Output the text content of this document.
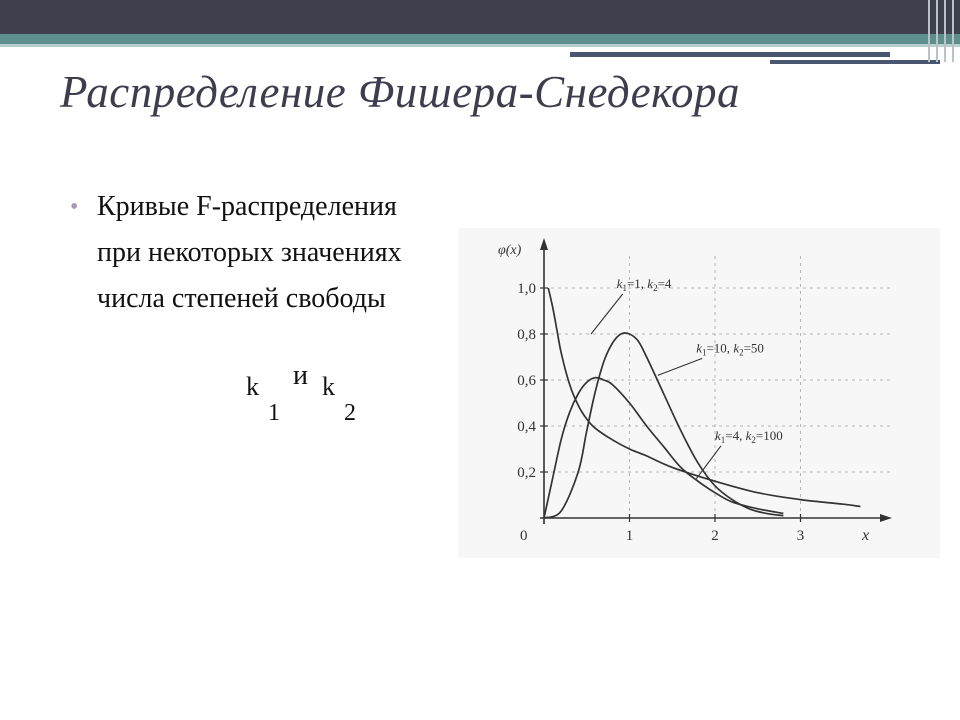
Распределение Фишера-Снедекора
• Кривые F-распределения при некоторых значениях числа степеней свободы
k
1
и k
2
φ(x)
x
0
0,2
0,4
0,6
0,8
1,0
1	2	3
$k_1=1$, $k_2=4$
$k_1=10$, $k_2=50$
$k_1=4$, $k_2=100$
